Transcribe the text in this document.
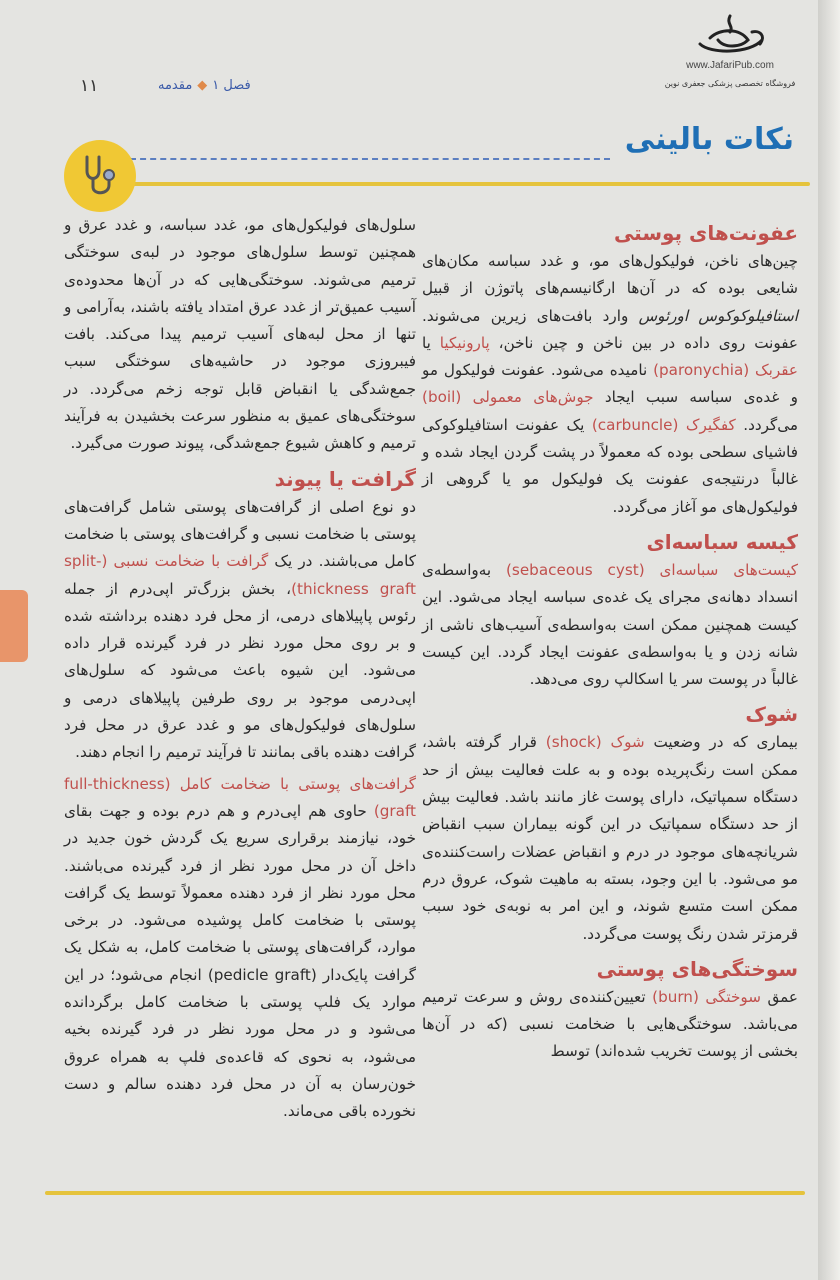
www.JafariPub.com
فروشگاه تخصصی پزشکی جعفری نوین
۱۱	فصل ۱◆مقدمه
نکات بالینی
عفونت‌های پوستی

چین‌های ناخن، فولیکول‌های مو، و غدد سباسه مکان‌های شایعی بوده که در آن‌ها ارگانیسم‌های پاتوژن از قبیل استافیلوکوکوس اورئوس وارد بافت‌های زیرین می‌شوند. عفونت روی داده در بین ناخن و چین ناخن، پارونیکیا یا عقربک (paronychia) نامیده می‌شود. عفونت فولیکول مو و غده‌ی سباسه سبب ایجاد جوش‌های معمولی (boil) می‌گردد. کفگیرک (carbuncle) یک عفونت استافیلوکوکی فاشیای سطحی بوده که معمولاً در پشت گردن ایجاد شده و غالباً درنتیجه‌ی عفونت یک فولیکول مو یا گروهی از فولیکول‌های مو آغاز می‌گردد.

کیسه سباسه‌ای

کیست‌های سباسه‌ای (sebaceous cyst) به‌واسطه‌ی انسداد دهانه‌ی مجرای یک غده‌ی سباسه ایجاد می‌شود. این کیست همچنین ممکن است به‌واسطه‌ی آسیب‌های ناشی از شانه زدن و یا به‌واسطه‌ی عفونت ایجاد گردد. این کیست غالباً در پوست سر یا اسکالپ روی می‌دهد.

شوک

بیماری که در وضعیت شوک (shock) قرار گرفته باشد، ممکن است رنگ‌پریده بوده و به علت فعالیت بیش از حد دستگاه سمپاتیک، دارای پوست غاز مانند باشد. فعالیت بیش از حد دستگاه سمپاتیک در این گونه بیماران سبب انقباض شریانچه‌های موجود در درم و انقباض عضلات راست‌کننده‌ی مو می‌شود. با این وجود، بسته به ماهیت شوک، عروق درم ممکن است متسع شوند، و این امر به نوبه‌ی خود سبب قرمزتر شدن رنگ پوست می‌گردد.

سوختگی‌های پوستی

عمق سوختگی (burn) تعیین‌کننده‌ی روش و سرعت ترمیم می‌باشد. سوختگی‌هایی با ضخامت نسبی (که در آن‌ها بخشی از پوست تخریب شده‌اند) توسط

سلول‌های فولیکول‌های مو، غدد سباسه، و غدد عرق و همچنین توسط سلول‌های موجود در لبه‌ی سوختگی ترمیم می‌شوند. سوختگی‌هایی که در آن‌ها محدوده‌ی آسیب عمیق‌تر از غدد عرق امتداد یافته باشند، به‌آرامی و تنها از محل لبه‌های آسیب ترمیم پیدا می‌کند. بافت فیبروزی موجود در حاشیه‌های سوختگی سبب جمع‌شدگی یا انقباض قابل توجه زخم می‌گردد. در سوختگی‌های عمیق به منظور سرعت بخشیدن به فرآیند ترمیم و کاهش شیوع جمع‌شدگی، پیوند صورت می‌گیرد.

گرافت یا پیوند

دو نوع اصلی از گرافت‌های پوستی شامل گرافت‌های پوستی با ضخامت نسبی و گرافت‌های پوستی با ضخامت کامل می‌باشند. در یک گرافت با ضخامت نسبی (split-thickness graft)، بخش بزرگ‌تر اپی‌درم از جمله رئوس پاپیلاهای درمی، از محل فرد دهنده برداشته شده و بر روی محل مورد نظر در فرد گیرنده قرار داده می‌شود. این شیوه باعث می‌شود که سلول‌های اپی‌درمی موجود بر روی طرفین پاپیلاهای درمی و سلول‌های فولیکول‌های مو و غدد عرق در محل فرد گرافت دهنده باقی بمانند تا فرآیند ترمیم را انجام دهند.

گرافت‌های پوستی با ضخامت کامل (full-thickness graft) حاوی هم اپی‌درم و هم درم بوده و جهت بقای خود، نیازمند برقراری سریع یک گردش خون جدید در داخل آن در محل مورد نظر از فرد گیرنده می‌باشند. محل مورد نظر از فرد دهنده معمولاً توسط یک گرافت پوستی با ضخامت کامل پوشیده می‌شود. در برخی موارد، گرافت‌های پوستی با ضخامت کامل، به شکل یک گرافت پایک‌دار (pedicle graft) انجام می‌شود؛ در این موارد یک فلپ پوستی با ضخامت کامل برگردانده می‌شود و در محل مورد نظر در فرد گیرنده بخیه می‌شود، به نحوی که قاعده‌ی فلپ به همراه عروق خون‌رسان به آن در محل فرد دهنده سالم و دست نخورده باقی می‌ماند.
